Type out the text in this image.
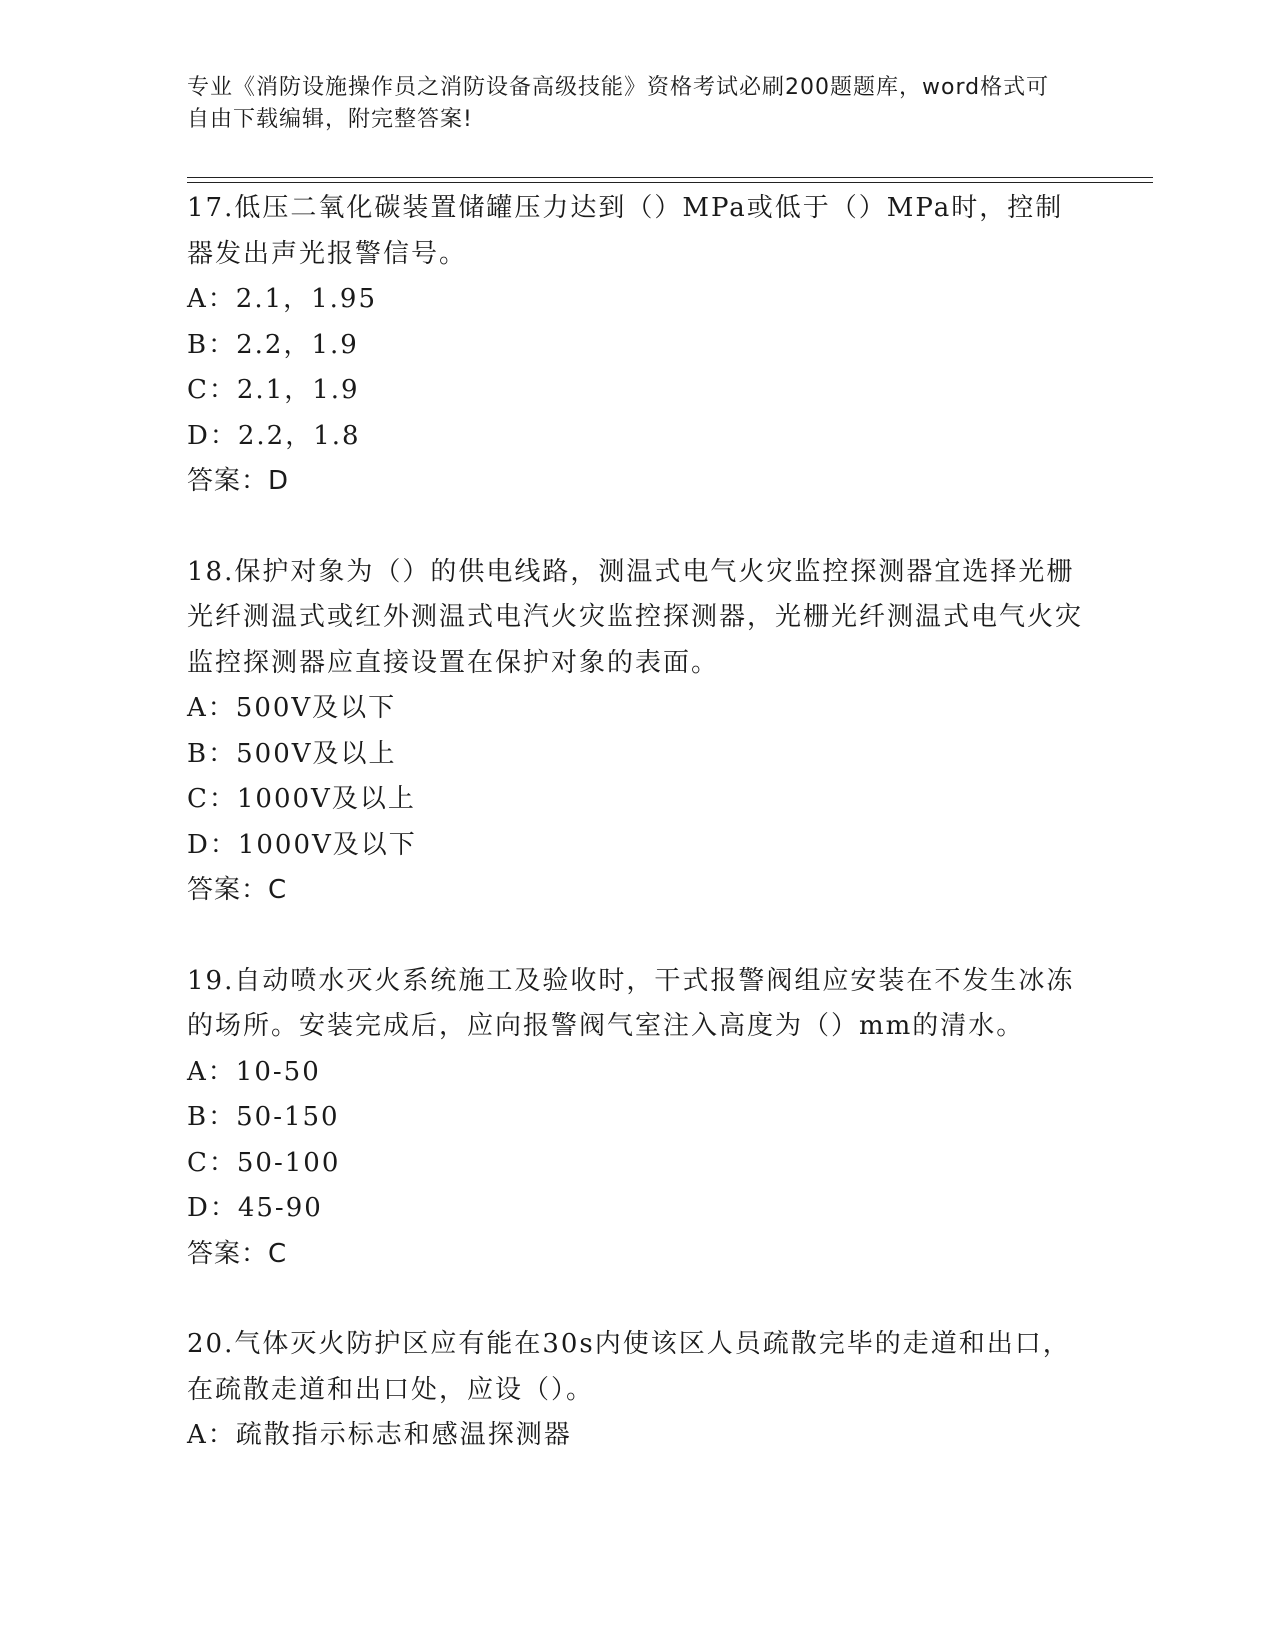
专业《消防设施操作员之消防设备高级技能》资格考试必刷200题题库，word格式可自由下载编辑，附完整答案!

17.低压二氧化碳装置储罐压力达到（）MPa或低于（）MPa时，控制器发出声光报警信号。

A：2.1，1.95

B：2.2，1.9

C：2.1，1.9

D：2.2，1.8

答案：D

18.保护对象为（）的供电线路，测温式电气火灾监控探测器宜选择光栅光纤测温式或红外测温式电汽火灾监控探测器，光栅光纤测温式电气火灾监控探测器应直接设置在保护对象的表面。

A：500V及以下

B：500V及以上

C：1000V及以上

D：1000V及以下

答案：C

19.自动喷水灭火系统施工及验收时，干式报警阀组应安装在不发生冰冻的场所。安装完成后，应向报警阀气室注入高度为（）mm的清水。

A：10-50

B：50-150

C：50-100

D：45-90

答案：C

20.气体灭火防护区应有能在30s内使该区人员疏散完毕的走道和出口，在疏散走道和出口处，应设（）。

A：疏散指示标志和感温探测器
